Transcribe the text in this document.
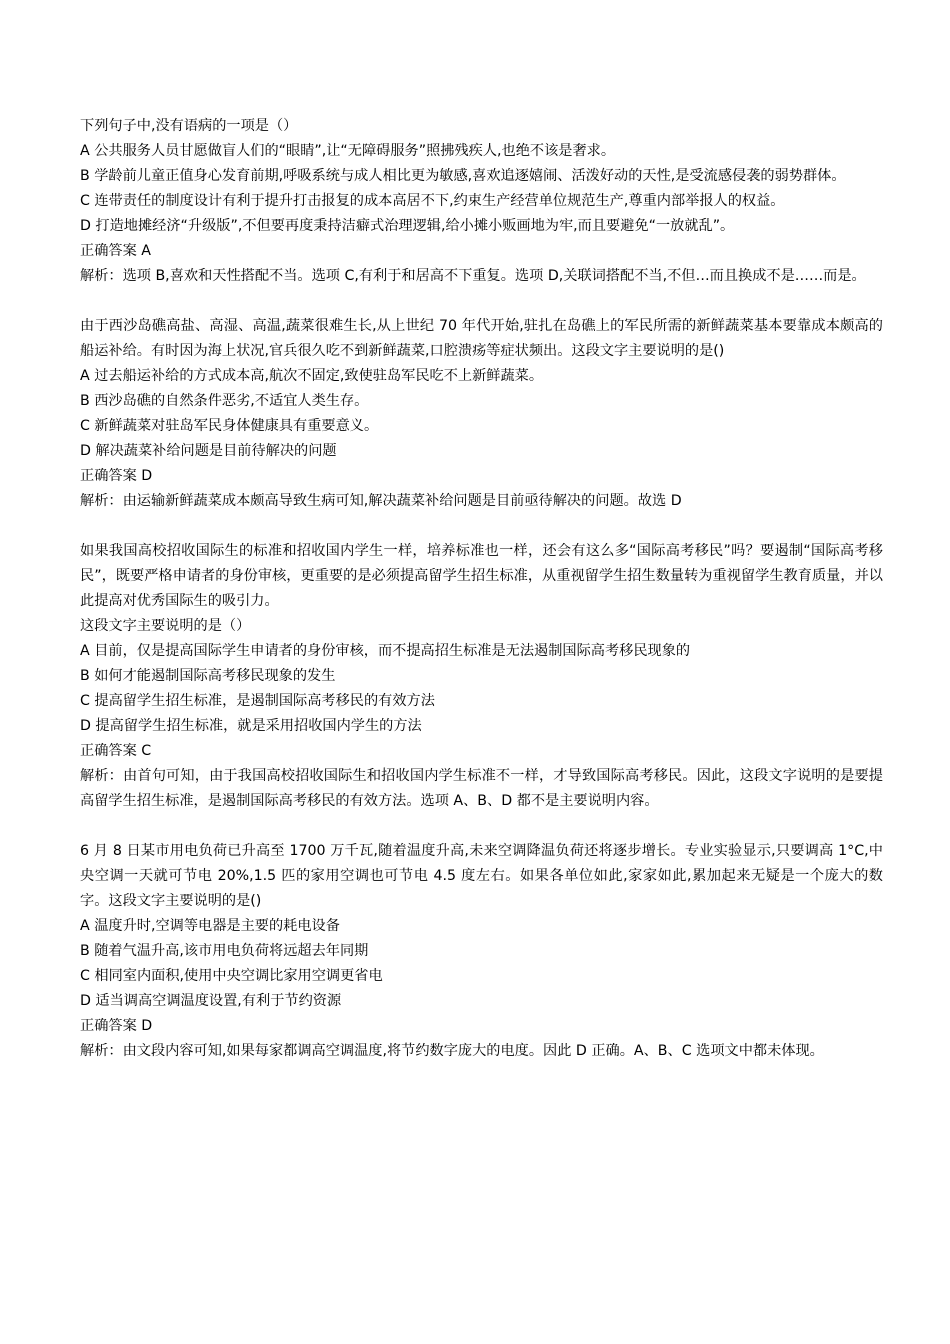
下列句子中,没有语病的一项是（）

A 公共服务人员甘愿做盲人们的“眼睛”,让“无障碍服务”照拂残疾人,也绝不该是奢求。

B 学龄前儿童正值身心发育前期,呼吸系统与成人相比更为敏感,喜欢追逐嬉闹、活泼好动的天性,是受流感侵袭的弱势群体。

C 连带责任的制度设计有利于提升打击报复的成本高居不下,约束生产经营单位规范生产,尊重内部举报人的权益。

D 打造地摊经济“升级版”,不但要再度秉持洁癖式治理逻辑,给小摊小贩画地为牢,而且要避免“一放就乱”。

正确答案 A

解析：选项 B,喜欢和天性搭配不当。选项 C,有利于和居高不下重复。选项 D,关联词搭配不当,不但…而且换成不是……而是。

由于西沙岛礁高盐、高湿、高温,蔬菜很难生长,从上世纪 70 年代开始,驻扎在岛礁上的军民所需的新鲜蔬菜基本要靠成本颇高的船运补给。有时因为海上状况,官兵很久吃不到新鲜蔬菜,口腔溃疡等症状频出。这段文字主要说明的是()

A 过去船运补给的方式成本高,航次不固定,致使驻岛军民吃不上新鲜蔬菜。

B 西沙岛礁的自然条件恶劣,不适宜人类生存。

C 新鲜蔬菜对驻岛军民身体健康具有重要意义。

D 解决蔬菜补给问题是目前待解决的问题

正确答案 D

解析：由运输新鲜蔬菜成本颇高导致生病可知,解决蔬菜补给问题是目前亟待解决的问题。故选 D

如果我国高校招收国际生的标准和招收国内学生一样，培养标准也一样，还会有这么多“国际高考移民”吗？要遏制“国际高考移民”，既要严格申请者的身份审核，更重要的是必须提高留学生招生标准，从重视留学生招生数量转为重视留学生教育质量，并以此提高对优秀国际生的吸引力。

这段文字主要说明的是（）

A 目前，仅是提高国际学生申请者的身份审核，而不提高招生标准是无法遏制国际高考移民现象的

B 如何才能遏制国际高考移民现象的发生

C 提高留学生招生标准，是遏制国际高考移民的有效方法

D 提高留学生招生标准，就是采用招收国内学生的方法

正确答案 C

解析：由首句可知，由于我国高校招收国际生和招收国内学生标准不一样，才导致国际高考移民。因此，这段文字说明的是要提高留学生招生标准，是遏制国际高考移民的有效方法。选项 A、B、D 都不是主要说明内容。

6 月 8 日某市用电负荷已升高至 1700 万千瓦,随着温度升高,未来空调降温负荷还将逐步增长。专业实验显示,只要调高 1°C,中央空调一天就可节电 20%,1.5 匹的家用空调也可节电 4.5 度左右。如果各单位如此,家家如此,累加起来无疑是一个庞大的数字。这段文字主要说明的是()

A 温度升时,空调等电器是主要的耗电设备

B 随着气温升高,该市用电负荷将远超去年同期

C 相同室内面积,使用中央空调比家用空调更省电

D 适当调高空调温度设置,有利于节约资源

正确答案 D

解析：由文段内容可知,如果每家都调高空调温度,将节约数字庞大的电度。因此 D 正确。A、B、C 选项文中都未体现。
